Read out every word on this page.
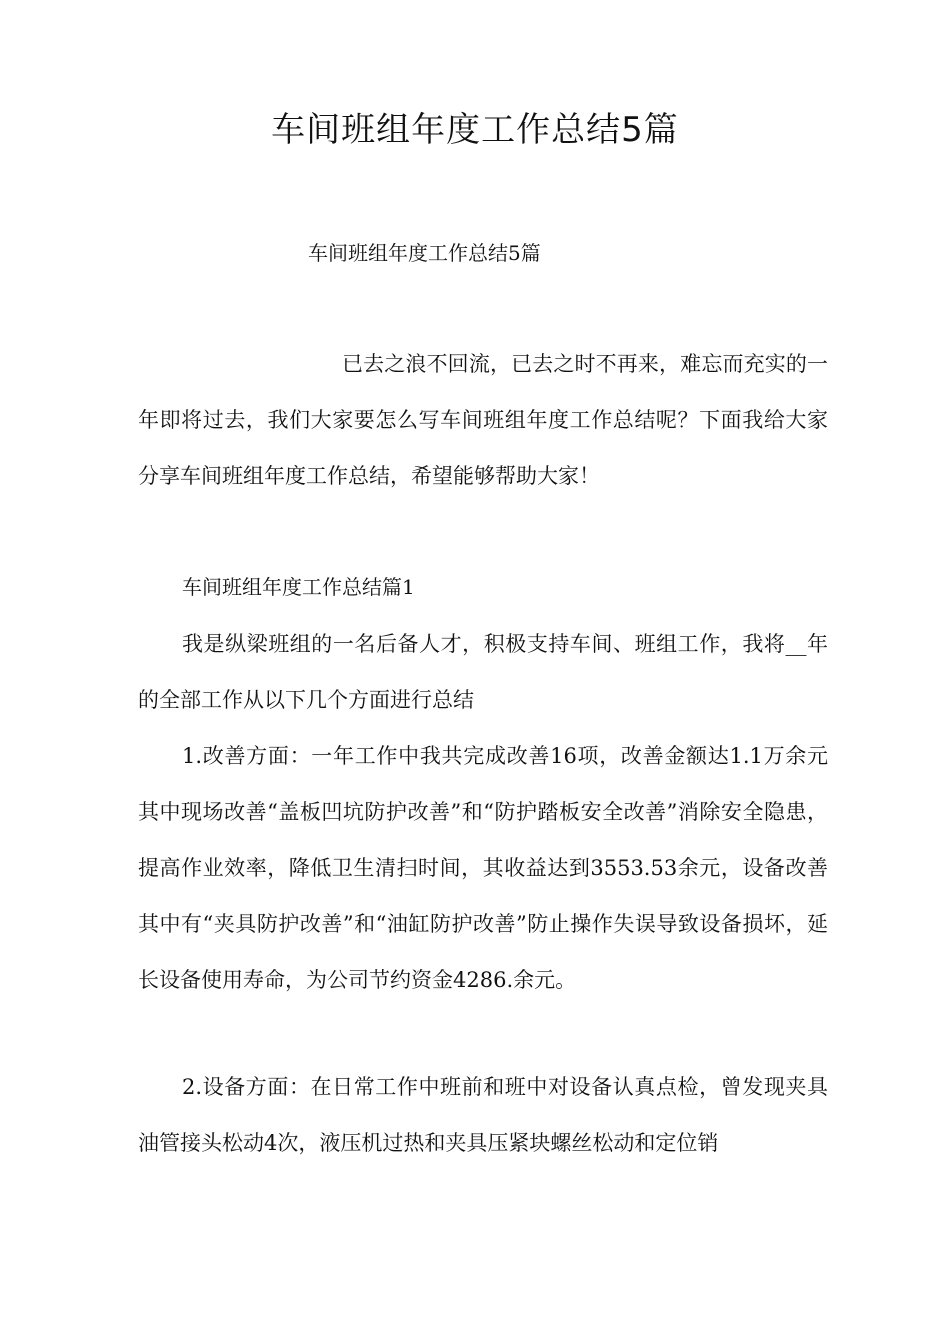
车间班组年度工作总结5篇

车间班组年度工作总结5篇

已去之浪不回流，已去之时不再来，难忘而充实的一年即将过去，我们大家要怎么写车间班组年度工作总结呢？下面我给大家分享车间班组年度工作总结，希望能够帮助大家！

车间班组年度工作总结篇1

我是纵梁班组的一名后备人才，积极支持车间、班组工作，我将__年的全部工作从以下几个方面进行总结

1.改善方面：一年工作中我共完成改善16项，改善金额达1.1万余元其中现场改善“盖板凹坑防护改善”和“防护踏板安全改善”消除安全隐患，提高作业效率，降低卫生清扫时间，其收益达到3553.53余元，设备改善其中有“夹具防护改善”和“油缸防护改善”防止操作失误导致设备损坏，延长设备使用寿命，为公司节约资金4286.余元。

2.设备方面：在日常工作中班前和班中对设备认真点检，曾发现夹具油管接头松动4次，液压机过热和夹具压紧块螺丝松动和定位销
